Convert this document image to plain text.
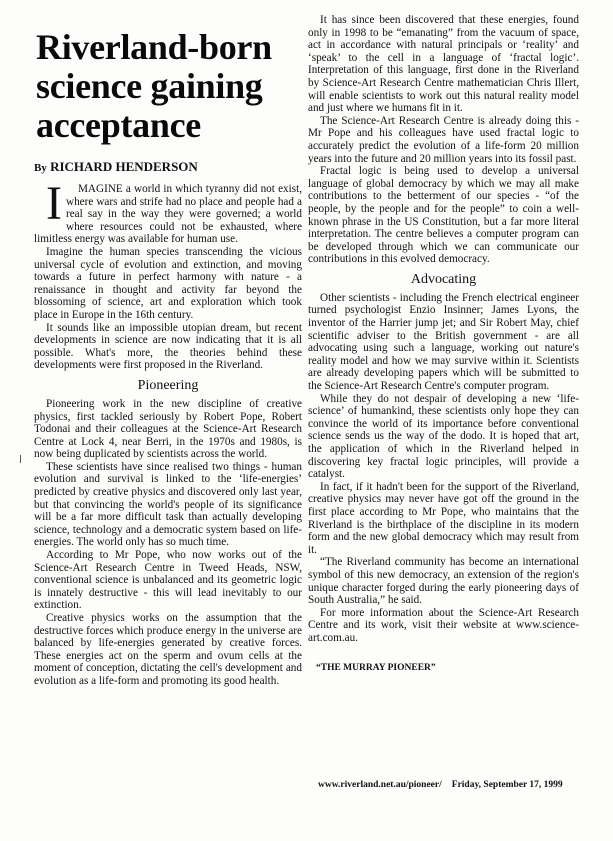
Riverland-born science gaining acceptance
By RICHARD HENDERSON

I MAGINE a world in which tyranny did not exist, where wars and strife had no place and people had a real say in the way they were governed; a world where resources could not be exhausted, where limitless energy was available for human use.

Imagine the human species transcending the vicious universal cycle of evolution and extinction, and moving towards a future in perfect harmony with nature - a renaissance in thought and activity far beyond the blossoming of science, art and exploration which took place in Europe in the 16th century.

It sounds like an impossible utopian dream, but recent developments in science are now indicating that it is all possible. What's more, the theories behind these developments were first proposed in the Riverland.

Pioneering

Pioneering work in the new discipline of creative physics, first tackled seriously by Robert Pope, Robert Todonai and their colleagues at the Science-Art Research Centre at Lock 4, near Berri, in the 1970s and 1980s, is now being duplicated by scientists across the world.

These scientists have since realised two things - human evolution and survival is linked to the ‘life-energies’ predicted by creative physics and discovered only last year, but that convincing the world's people of its significance will be a far more difficult task than actually developing science, technology and a democratic system based on life-energies. The world only has so much time.

According to Mr Pope, who now works out of the Science-Art Research Centre in Tweed Heads, NSW, conventional science is unbalanced and its geometric logic is innately destructive - this will lead inevitably to our extinction.

Creative physics works on the assumption that the destructive forces which produce energy in the universe are balanced by life-energies generated by creative forces. These energies act on the sperm and ovum cells at the moment of conception, dictating the cell's development and evolution as a life-form and promoting its good health.

It has since been discovered that these energies, found only in 1998 to be “emanating” from the vacuum of space, act in accordance with natural principals or ‘reality’ and ‘speak’ to the cell in a language of ‘fractal logic’. Interpretation of this language, first done in the Riverland by Science-Art Research Centre mathematician Chris Illert, will enable scientists to work out this natural reality model and just where we humans fit in it.

The Science-Art Research Centre is already doing this - Mr Pope and his colleagues have used fractal logic to accurately predict the evolution of a life-form 20 million years into the future and 20 million years into its fossil past.

Fractal logic is being used to develop a universal language of global democracy by which we may all make contributions to the betterment of our species - “of the people, by the people and for the people” to coin a well-known phrase in the US Constitution, but a far more literal interpretation. The centre believes a computer program can be developed through which we can communicate our contributions in this evolved democracy.

Advocating

Other scientists - including the French electrical engineer turned psychologist Enzio Insinner; James Lyons, the inventor of the Harrier jump jet; and Sir Robert May, chief scientific adviser to the British government - are all advocating using such a language, working out nature's reality model and how we may survive within it. Scientists are already developing papers which will be submitted to the Science-Art Research Centre's computer program.

While they do not despair of developing a new ‘life-science’ of humankind, these scientists only hope they can convince the world of its importance before conventional science sends us the way of the dodo. It is hoped that art, the application of which in the Riverland helped in discovering key fractal logic principles, will provide a catalyst.

In fact, if it hadn't been for the support of the Riverland, creative physics may never have got off the ground in the first place according to Mr Pope, who maintains that the Riverland is the birthplace of the discipline in its modern form and the new global democracy which may result from it.

“The Riverland community has become an international symbol of this new democracy, an extension of the region's unique character forged during the early pioneering days of South Australia,” he said.

For more information about the Science-Art Research Centre and its work, visit their website at www.science-art.com.au.

“THE MURRAY PIONEER”
www.riverland.net.au/pioneer/ Friday, September 17, 1999
